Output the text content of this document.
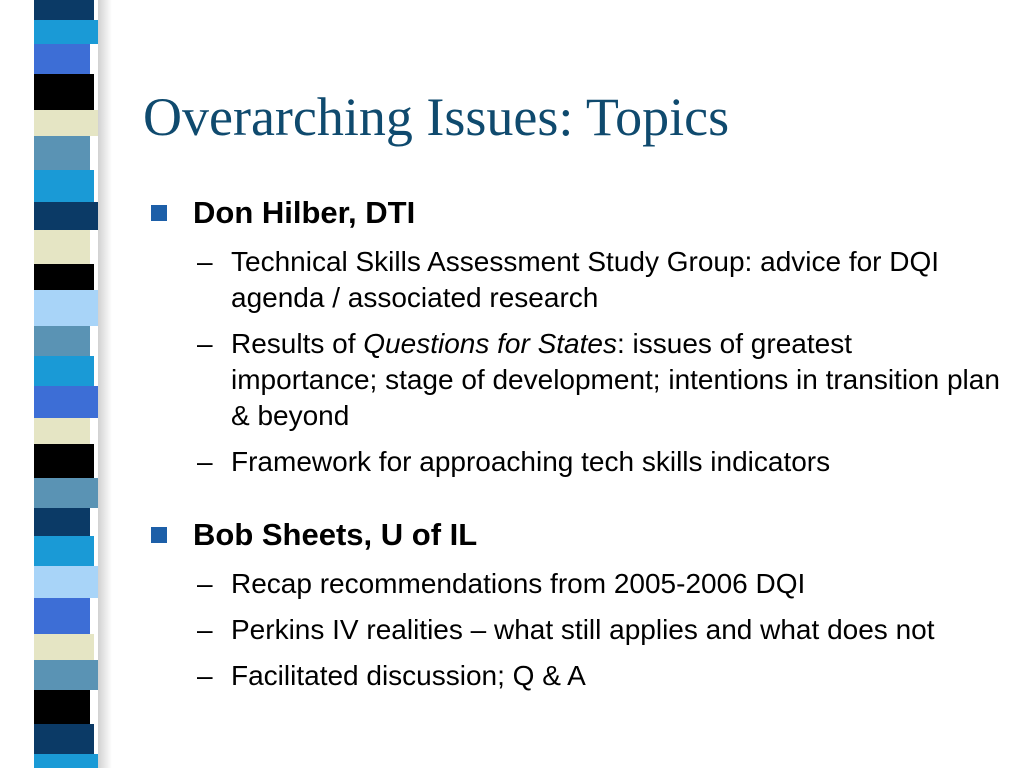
Overarching Issues: Topics
Don Hilber, DTI
– Technical Skills Assessment Study Group: advice for DQI agenda / associated research
– Results of Questions for States: issues of greatest importance; stage of development; intentions in transition plan & beyond
– Framework for approaching tech skills indicators
Bob Sheets, U of IL
– Recap recommendations from 2005-2006 DQI
– Perkins IV realities – what still applies and what does not
– Facilitated discussion; Q & A
